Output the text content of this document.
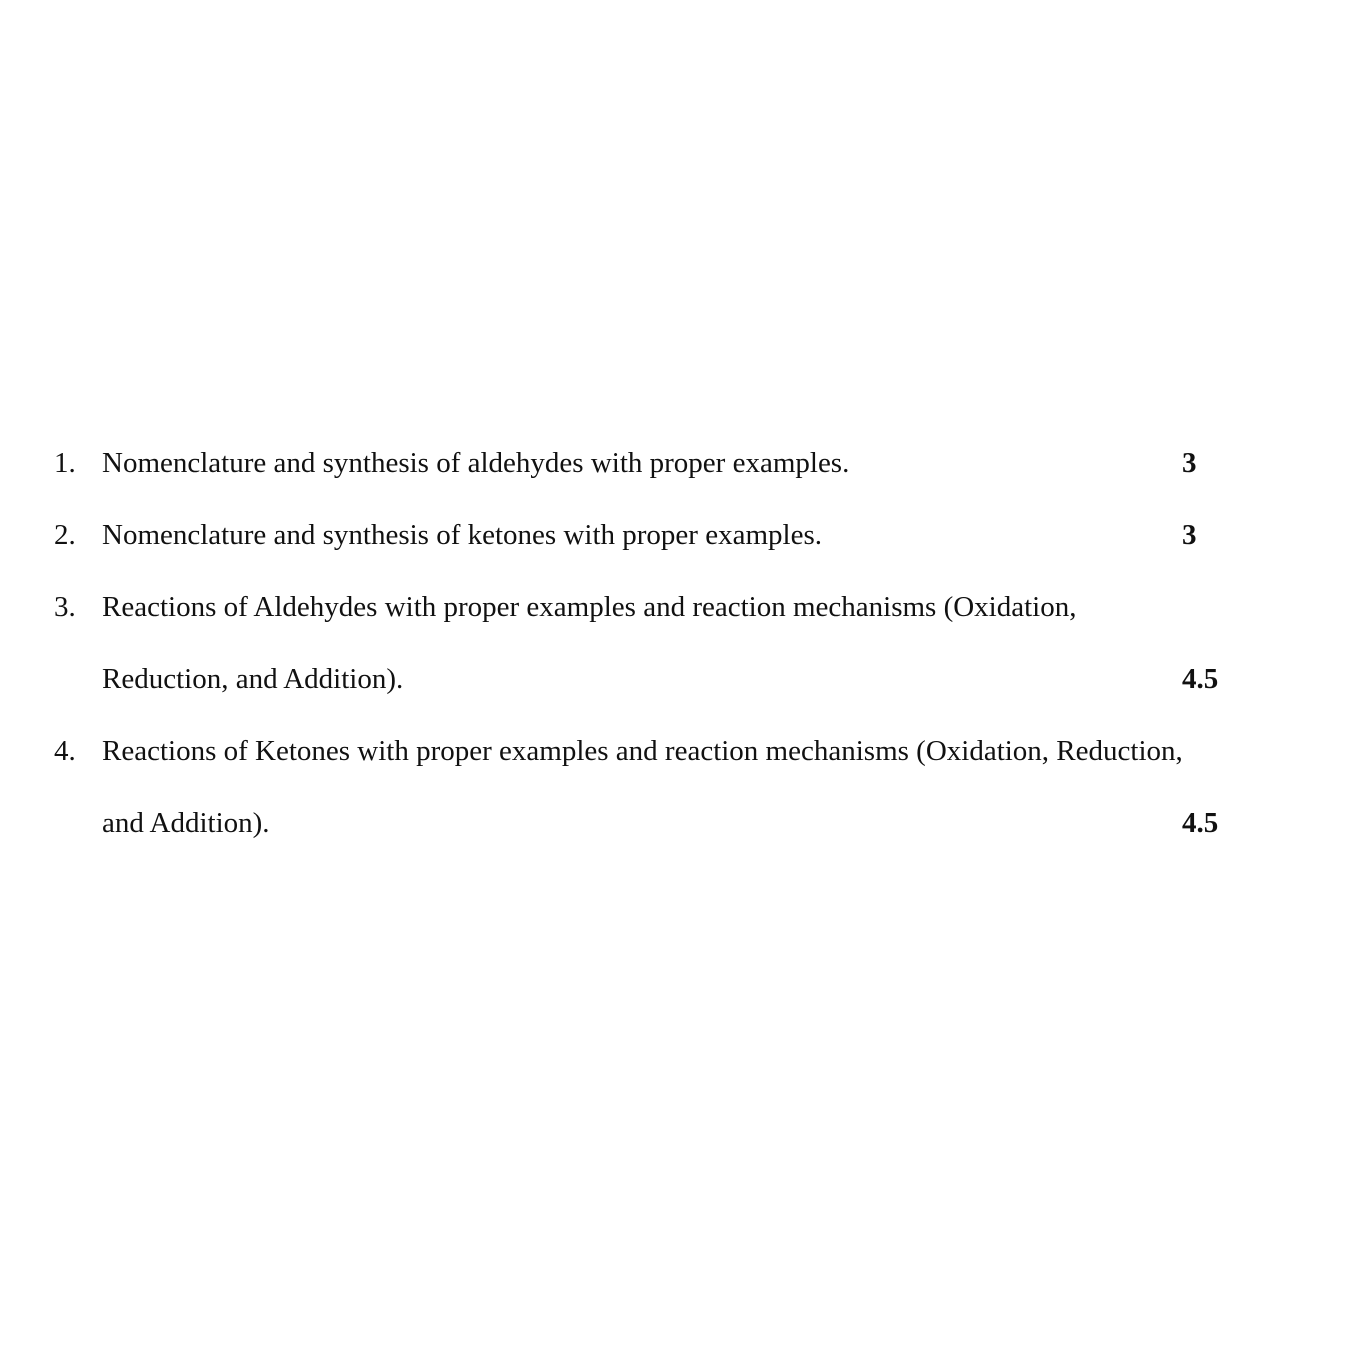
1. Nomenclature and synthesis of aldehydes with proper examples.	3
2. Nomenclature and synthesis of ketones with proper examples.	3
3. Reactions of Aldehydes with proper examples and reaction mechanisms (Oxidation,
Reduction, and Addition).	4.5
4. Reactions of Ketones with proper examples and reaction mechanisms (Oxidation, Reduction,
and Addition).	4.5
